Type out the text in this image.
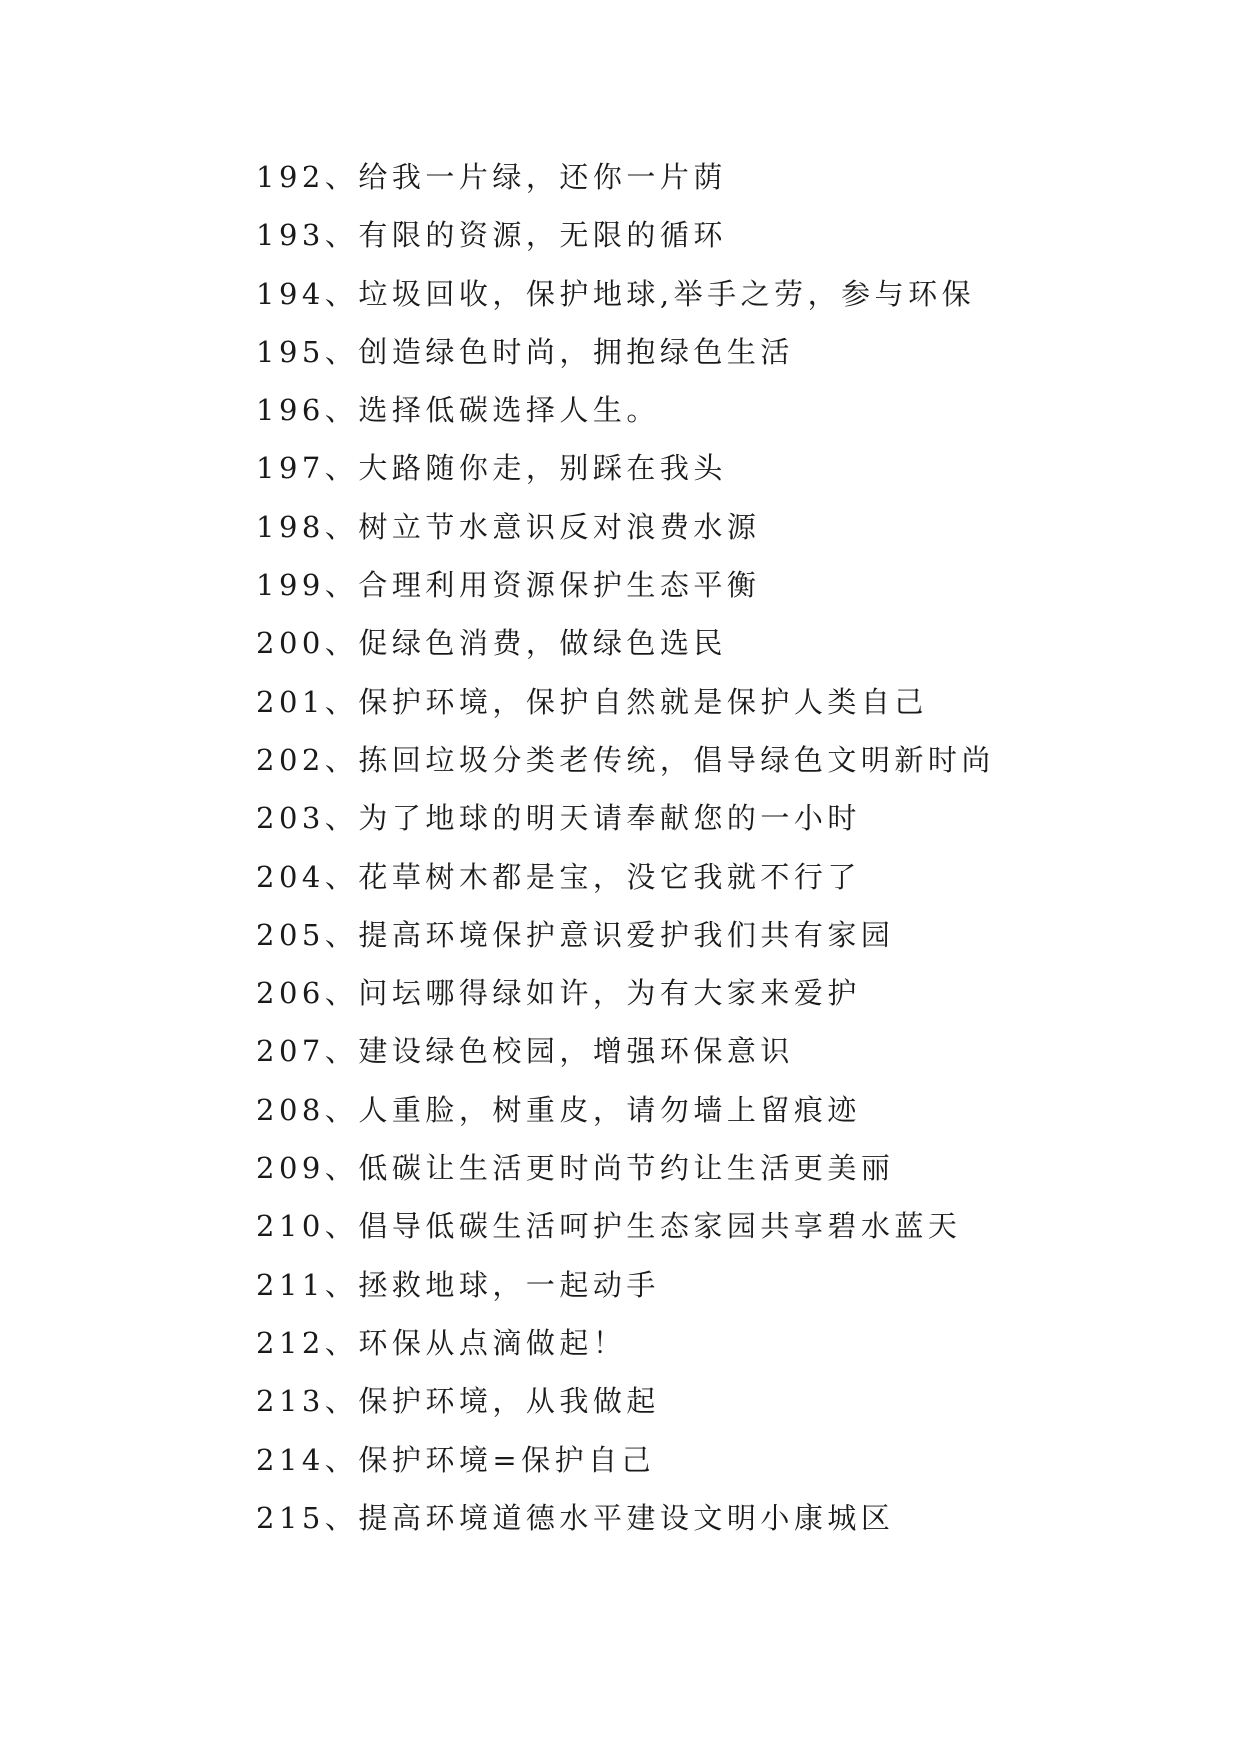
192、给我一片绿，还你一片荫
193、有限的资源，无限的循环
194、垃圾回收，保护地球,举手之劳，参与环保
195、创造绿色时尚，拥抱绿色生活
196、选择低碳选择人生。
197、大路随你走，别踩在我头
198、树立节水意识反对浪费水源
199、合理利用资源保护生态平衡
200、促绿色消费，做绿色选民
201、保护环境，保护自然就是保护人类自己
202、拣回垃圾分类老传统，倡导绿色文明新时尚
203、为了地球的明天请奉献您的一小时
204、花草树木都是宝，没它我就不行了
205、提高环境保护意识爱护我们共有家园
206、问坛哪得绿如许，为有大家来爱护
207、建设绿色校园，增强环保意识
208、人重脸，树重皮，请勿墙上留痕迹
209、低碳让生活更时尚节约让生活更美丽
210、倡导低碳生活呵护生态家园共享碧水蓝天
211、拯救地球，一起动手
212、环保从点滴做起！
213、保护环境，从我做起
214、保护环境=保护自己
215、提高环境道德水平建设文明小康城区
